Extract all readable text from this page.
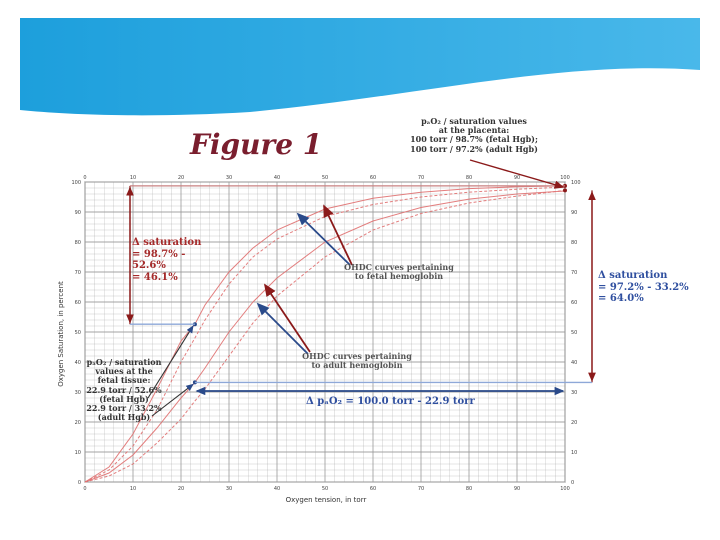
Figure 1
0
0
10
10
20
20
30
30
40
40
50
50
60
60
70
70
80
80
90
90
100
100
0	0
10	10
20	20
30	30
40	40
50	50
60	60
70	70
80	80
90	90
100	100
Oxygen tension, in torr
Oxygen Saturation, in percent
pₐO₂ / saturation values
at the placenta:
100 torr / 98.7% (fetal Hgb);
100 torr / 97.2% (adult Hgb)
Δ saturation
= 98.7% - 52.6%
= 46.1%
pₐO₂ / saturation
values at the
fetal tissue:
22.9 torr / 52.6%
(fetal Hgb)
22.9 torr / 33.2%
(adult Hgb)
OHDC curves pertaining
to fetal hemoglobin
OHDC curves pertaining
to adult hemoglobin
Δ saturation
= 97.2% - 33.2%
= 64.0%
Δ pₐO₂ = 100.0 torr - 22.9 torr
